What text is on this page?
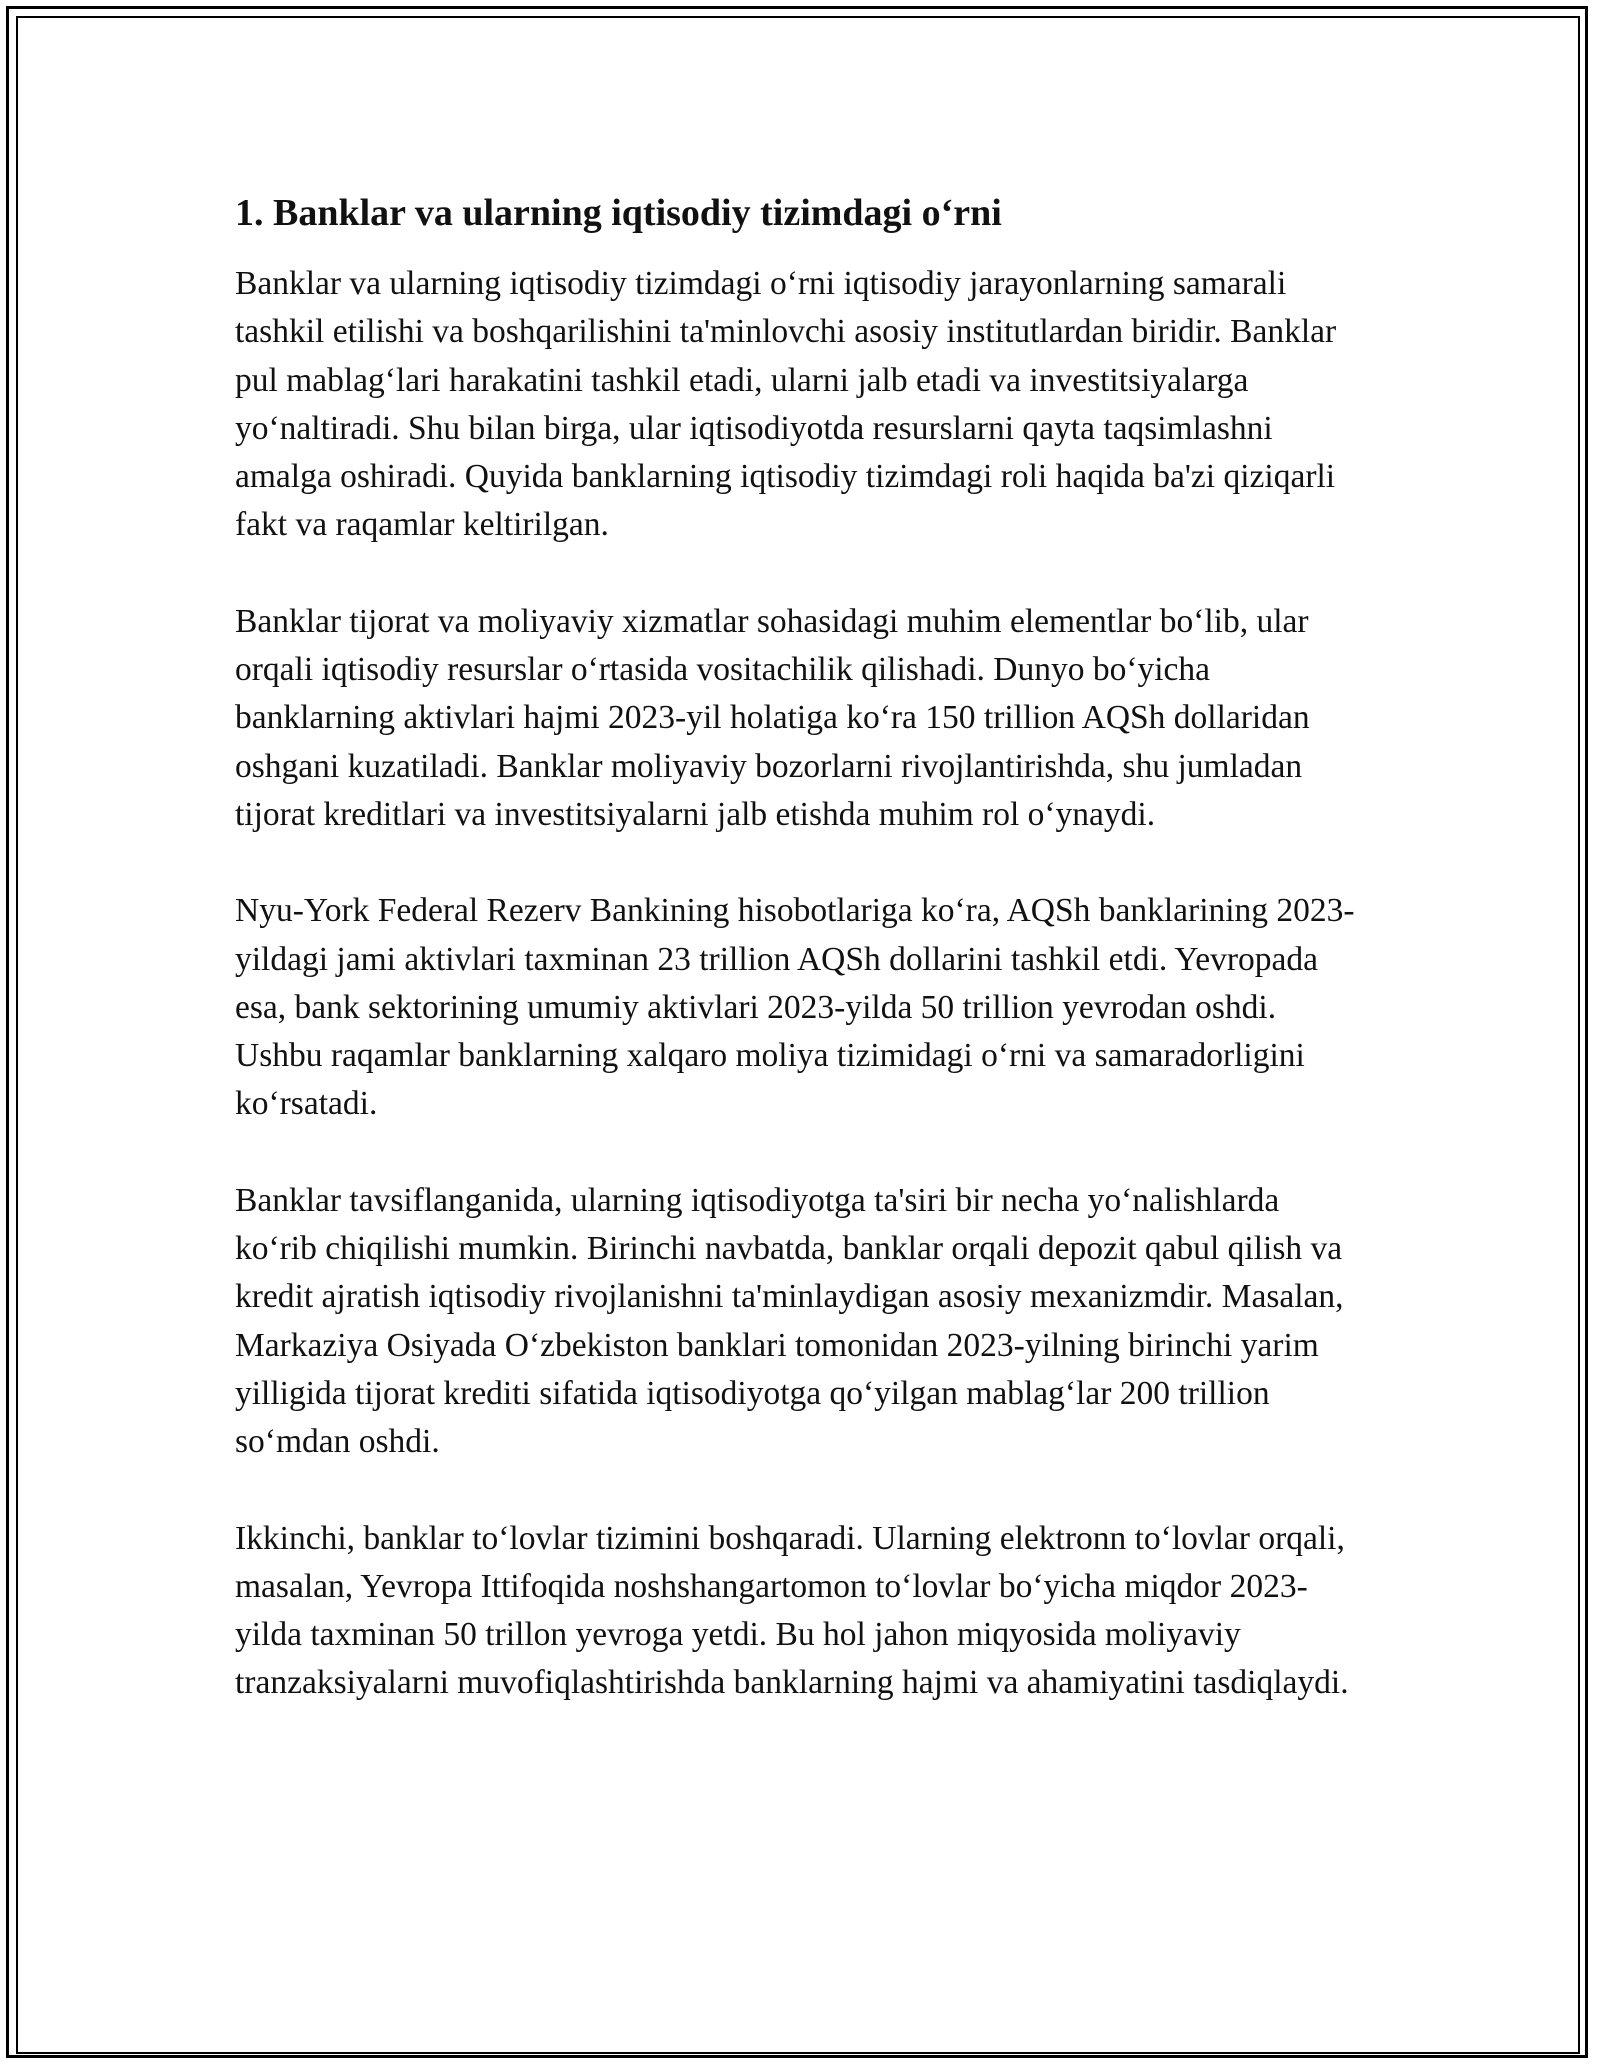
1. Banklar va ularning iqtisodiy tizimdagi o‘rni

Banklar va ularning iqtisodiy tizimdagi o‘rni iqtisodiy jarayonlarning samarali tashkil etilishi va boshqarilishini ta'minlovchi asosiy institutlardan biridir. Banklar pul mablag‘lari harakatini tashkil etadi, ularni jalb etadi va investitsiyalarga yo‘naltiradi. Shu bilan birga, ular iqtisodiyotda resurslarni qayta taqsimlashni amalga oshiradi. Quyida banklarning iqtisodiy tizimdagi roli haqida ba'zi qiziqarli fakt va raqamlar keltirilgan.

Banklar tijorat va moliyaviy xizmatlar sohasidagi muhim elementlar bo‘lib, ular orqali iqtisodiy resurslar o‘rtasida vositachilik qilishadi. Dunyo bo‘yicha banklarning aktivlari hajmi 2023-yil holatiga ko‘ra 150 trillion AQSh dollaridan oshgani kuzatiladi. Banklar moliyaviy bozorlarni rivojlantirishda, shu jumladan tijorat kreditlari va investitsiyalarni jalb etishda muhim rol o‘ynaydi.

Nyu-York Federal Rezerv Bankining hisobotlariga ko‘ra, AQSh banklarining 2023-yildagi jami aktivlari taxminan 23 trillion AQSh dollarini tashkil etdi. Yevropada esa, bank sektorining umumiy aktivlari 2023-yilda 50 trillion yevrodan oshdi. Ushbu raqamlar banklarning xalqaro moliya tizimidagi o‘rni va samaradorligini ko‘rsatadi.

Banklar tavsiflanganida, ularning iqtisodiyotga ta'siri bir necha yo‘nalishlarda ko‘rib chiqilishi mumkin. Birinchi navbatda, banklar orqali depozit qabul qilish va kredit ajratish iqtisodiy rivojlanishni ta'minlaydigan asosiy mexanizmdir. Masalan, Markaziya Osiyada O‘zbekiston banklari tomonidan 2023-yilning birinchi yarim yilligida tijorat krediti sifatida iqtisodiyotga qo‘yilgan mablag‘lar 200 trillion so‘mdan oshdi.

Ikkinchi, banklar to‘lovlar tizimini boshqaradi. Ularning elektronn to‘lovlar orqali, masalan, Yevropa Ittifoqida noshshangartomon to‘lovlar bo‘yicha miqdor 2023-yilda taxminan 50 trillon yevroga yetdi. Bu hol jahon miqyosida moliyaviy tranzaksiyalarni muvofiqlashtirishda banklarning hajmi va ahamiyatini tasdiqlaydi.
